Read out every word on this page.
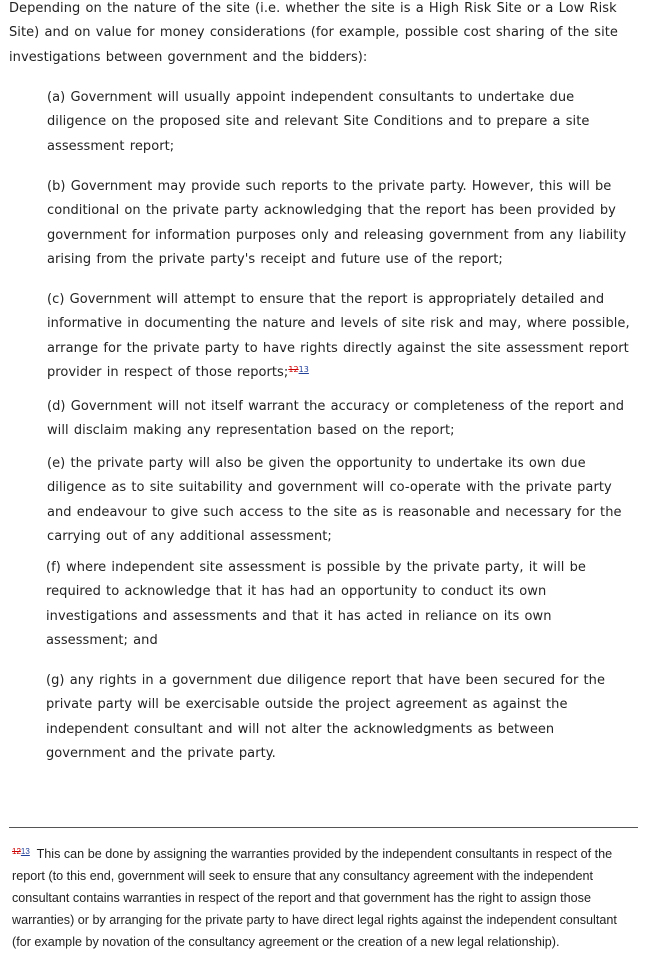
Depending on the nature of the site (i.e. whether the site is a High Risk Site or a Low Risk Site) and on value for money considerations (for example, possible cost sharing of the site investigations between government and the bidders):
(a) Government will usually appoint independent consultants to undertake due diligence on the proposed site and relevant Site Conditions and to prepare a site assessment report;
(b) Government may provide such reports to the private party. However, this will be conditional on the private party acknowledging that the report has been provided by government for information purposes only and releasing government from any liability arising from the private party's receipt and future use of the report;
(c) Government will attempt to ensure that the report is appropriately detailed and informative in documenting the nature and levels of site risk and may, where possible, arrange for the private party to have rights directly against the site assessment report provider in respect of those reports;$^{1213}$
(d) Government will not itself warrant the accuracy or completeness of the report and will disclaim making any representation based on the report;
(e) the private party will also be given the opportunity to undertake its own due diligence as to site suitability and government will co-operate with the private party and endeavour to give such access to the site as is reasonable and necessary for the carrying out of any additional assessment;
(f) where independent site assessment is possible by the private party, it will be required to acknowledge that it has had an opportunity to conduct its own investigations and assessments and that it has acted in reliance on its own assessment; and
(g) any rights in a government due diligence report that have been secured for the private party will be exercisable outside the project agreement as against the independent consultant and will not alter the acknowledgments as between government and the private party.
$^{1213}$ This can be done by assigning the warranties provided by the independent consultants in respect of the report (to this end, government will seek to ensure that any consultancy agreement with the independent consultant contains warranties in respect of the report and that government has the right to assign those warranties) or by arranging for the private party to have direct legal rights against the independent consultant (for example by novation of the consultancy agreement or the creation of a new legal relationship).
